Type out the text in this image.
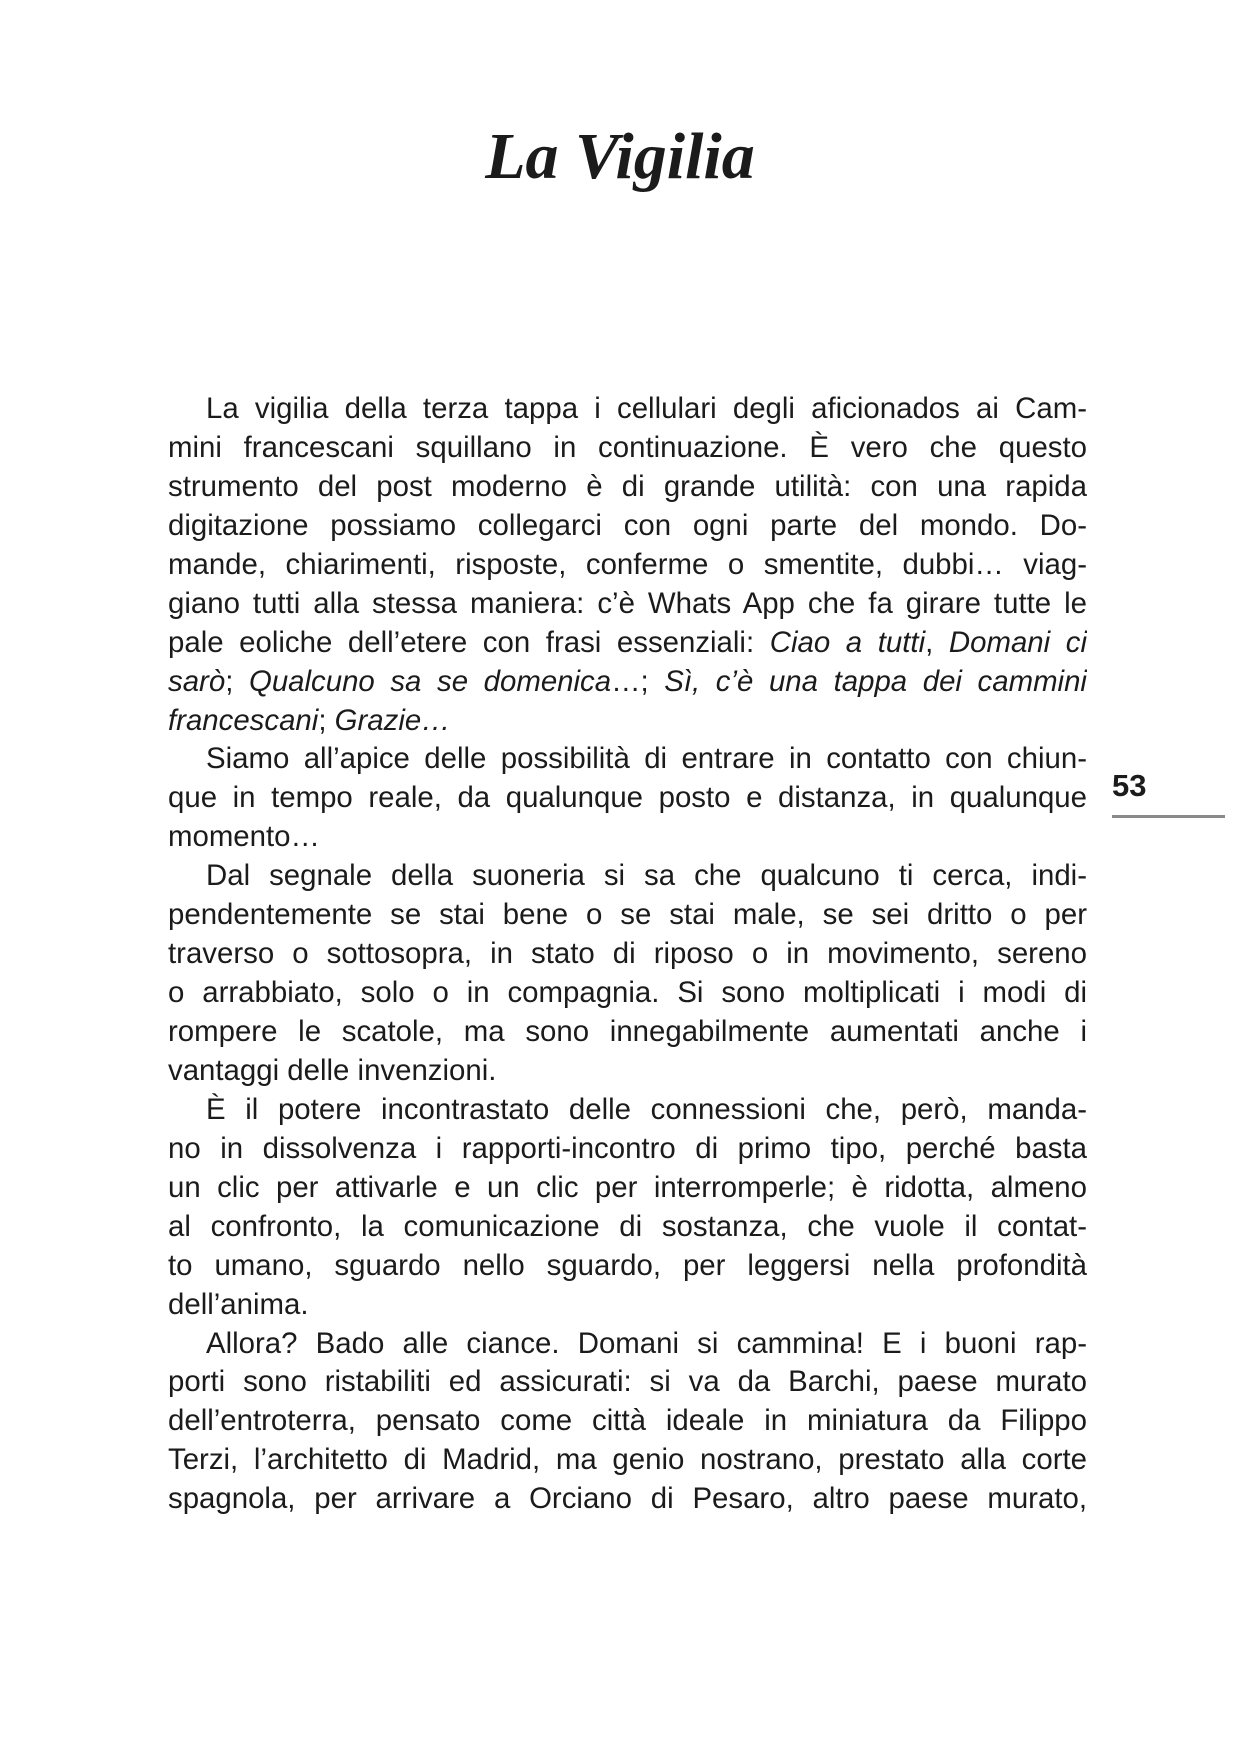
La Vigilia
La vigilia della terza tappa i cellulari degli aficionados ai Cam-
mini francescani squillano in continuazione. È vero che questo
strumento del post moderno è di grande utilità: con una rapida
digitazione possiamo collegarci con ogni parte del mondo. Do-
mande, chiarimenti, risposte, conferme o smentite, dubbi… viag-
giano tutti alla stessa maniera: c’è Whats App che fa girare tutte le
pale eoliche dell’etere con frasi essenziali: Ciao a tutti, Domani ci
sarò; Qualcuno sa se domenica…; Sì, c’è una tappa dei cammini
francescani; Grazie…
Siamo all’apice delle possibilità di entrare in contatto con chiun-
que in tempo reale, da qualunque posto e distanza, in qualunque
momento…
Dal segnale della suoneria si sa che qualcuno ti cerca, indi-
pendentemente se stai bene o se stai male, se sei dritto o per
traverso o sottosopra, in stato di riposo o in movimento, sereno
o arrabbiato, solo o in compagnia. Si sono moltiplicati i modi di
rompere le scatole, ma sono innegabilmente aumentati anche i
vantaggi delle invenzioni.
È il potere incontrastato delle connessioni che, però, manda-
no in dissolvenza i rapporti-incontro di primo tipo, perché basta
un clic per attivarle e un clic per interromperle; è ridotta, almeno
al confronto, la comunicazione di sostanza, che vuole il contat-
to umano, sguardo nello sguardo, per leggersi nella profondità
dell’anima.
Allora? Bado alle ciance. Domani si cammina! E i buoni rap-
porti sono ristabiliti ed assicurati: si va da Barchi, paese murato
dell’entroterra, pensato come città ideale in miniatura da Filippo
Terzi, l’architetto di Madrid, ma genio nostrano, prestato alla corte
spagnola, per arrivare a Orciano di Pesaro, altro paese murato,
53
